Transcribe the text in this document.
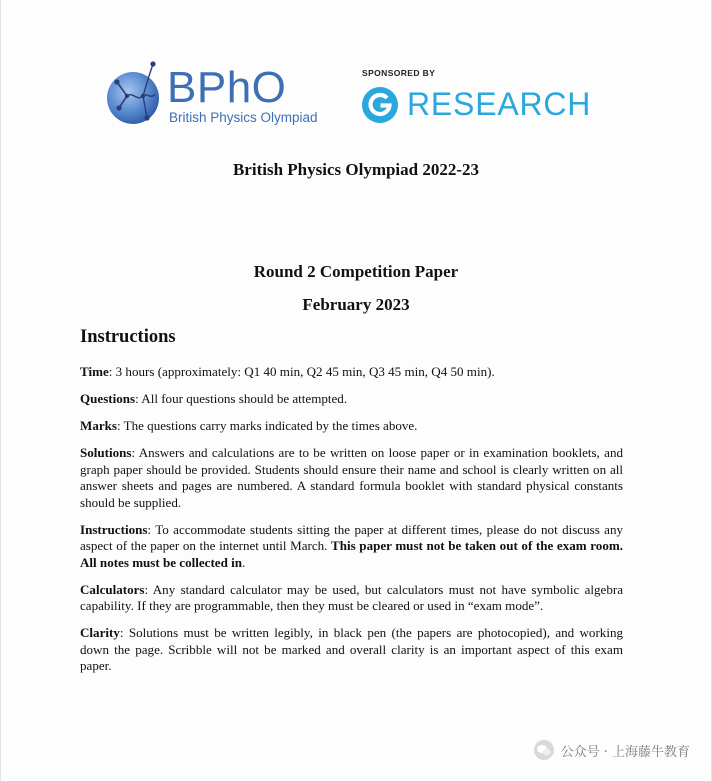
BPhO
British Physics Olympiad
SPONSORED BY
RESEARCH
British Physics Olympiad 2022-23
Round 2 Competition Paper
February 2023
Instructions

Time: 3 hours (approximately: Q1 40 min, Q2 45 min, Q3 45 min, Q4 50 min).

Questions: All four questions should be attempted.

Marks: The questions carry marks indicated by the times above.

Solutions: Answers and calculations are to be written on loose paper or in examination booklets, and graph paper should be provided. Students should ensure their name and school is clearly written on all answer sheets and pages are numbered. A standard formula booklet with standard physical constants should be supplied.

Instructions: To accommodate students sitting the paper at different times, please do not discuss any aspect of the paper on the internet until March. This paper must not be taken out of the exam room. All notes must be collected in.

Calculators: Any standard calculator may be used, but calculators must not have symbolic algebra capability. If they are programmable, then they must be cleared or used in “exam mode”.

Clarity: Solutions must be written legibly, in black pen (the papers are photocopied), and working down the page. Scribble will not be marked and overall clarity is an important aspect of this exam paper.

公众号 · 上海藤牛教育
